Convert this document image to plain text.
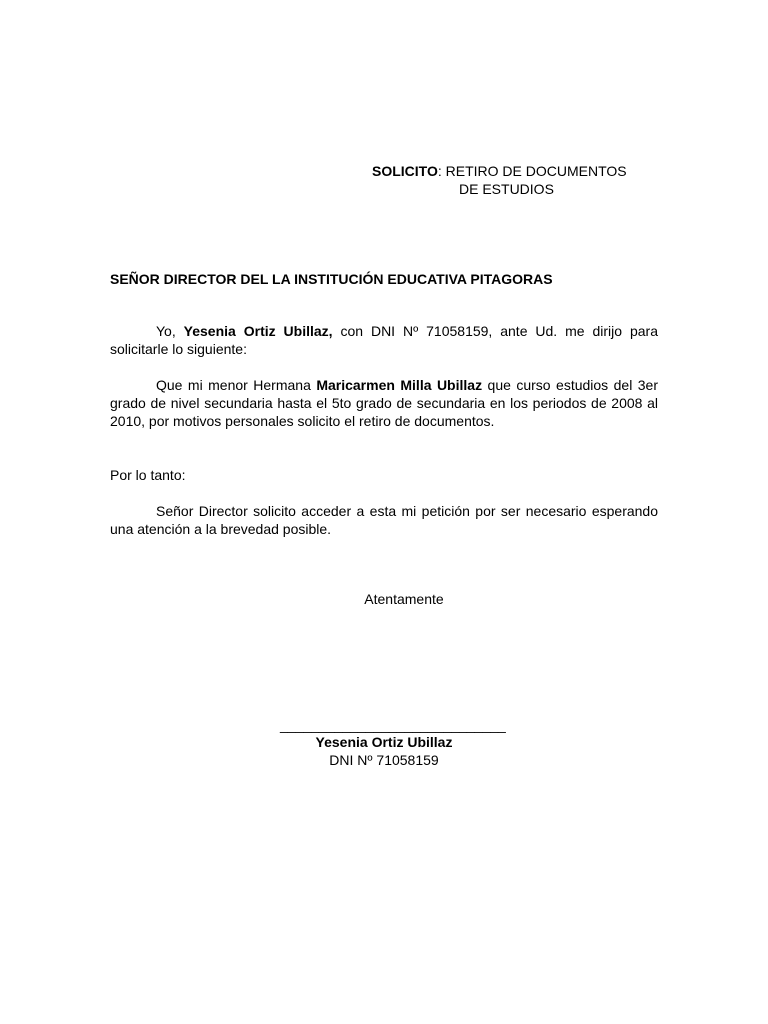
SOLICITO: RETIRO DE DOCUMENTOS
DE ESTUDIOS
SEÑOR DIRECTOR DEL LA INSTITUCIÓN EDUCATIVA PITAGORAS
Yo, Yesenia Ortiz Ubillaz, con DNI Nº 71058159, ante Ud. me dirijo para solicitarle lo siguiente:
Que mi menor Hermana Maricarmen Milla Ubillaz que curso estudios del 3er grado de nivel secundaria hasta el 5to grado de secundaria en los periodos de 2008 al 2010, por motivos personales solicito el retiro de documentos.
Por lo tanto:
Señor Director solicito acceder a esta mi petición por ser necesario esperando una atención a la brevedad posible.
Atentamente
_____________________________
Yesenia Ortiz Ubillaz
DNI Nº 71058159
